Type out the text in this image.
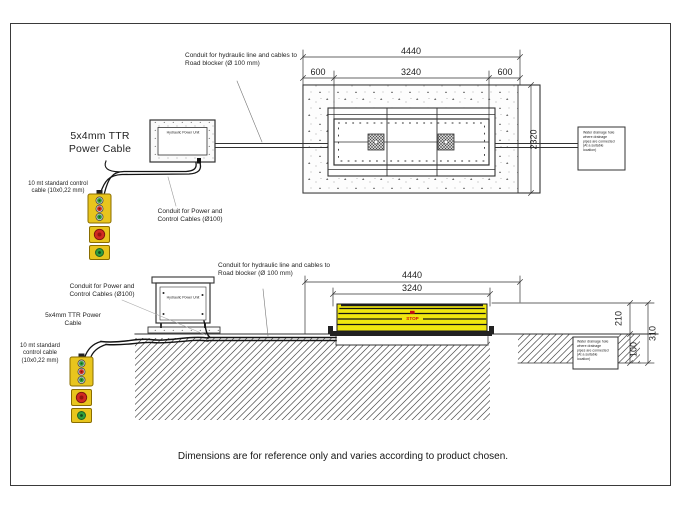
STOP
Conduit for hydraulic line and cables to Road blocker (Ø 100 mm)
5x4mm TTR Power Cable
10 mt standard control cable (10x0,22 mm)
Conduit for Power and Control Cables (Ø100)
Hydraulic Power Unit	Water drainage hole where drainage pipes are connected (At a suitable location)
4440
600	3240	600
2320
Conduit for hydraulic line and cables to Road blocker (Ø 100 mm)
Conduit for Power and Control Cables (Ø100)
5x4mm TTR Power Cable
10 mt standard control cable (10x0,22 mm)
Hydraulic Power Unit
Water drainage hole where drainage pipes are connected (At a suitable location)
4440
3240
210
100
310
Dimensions are for reference only and varies according to product chosen.
